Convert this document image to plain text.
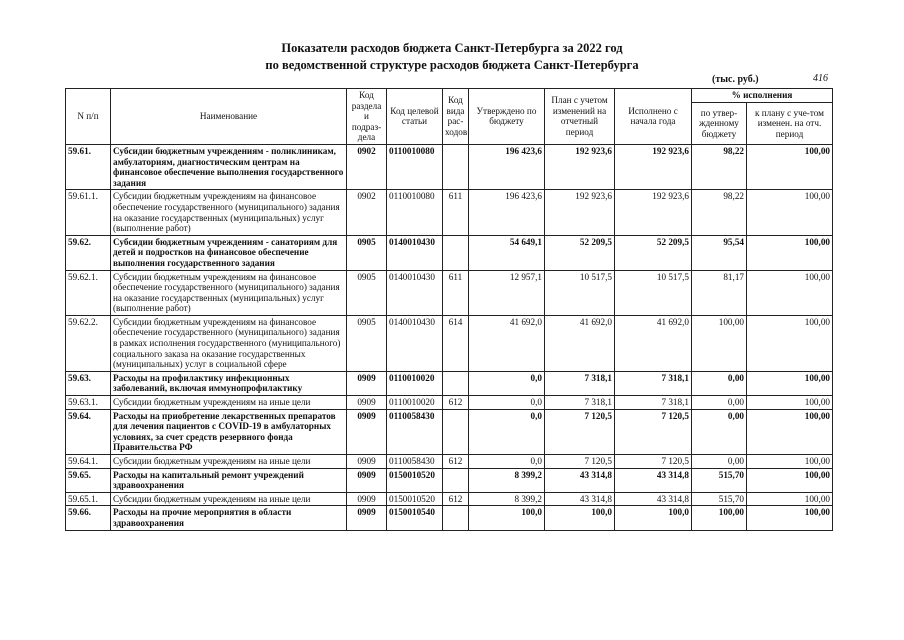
Показатели расходов бюджета Санкт-Петербурга за 2022 год
по ведомственной структуре расходов бюджета Санкт-Петербурга
(тыс. руб.)	416
N п/п	Наименование	Код раздела и подраз-дела	Код целевой статьи	Код вида рас-ходов	Утверждено по бюджету	План с учетом изменений на отчетный период	Исполнено с начала года	% исполнения	
								по утвер-жденному бюджету	к плану с уче-том изменен. на отч. период
59.61.	Субсидии бюджетным учреждениям - поликлиникам, амбулаториям, диагностическим центрам на финансовое обеспечение выполнения государственного задания	0902	0110010080		196 423,6	192 923,6	192 923,6	98,22	100,00
59.61.1.	Субсидии бюджетным учреждениям на финансовое обеспечение государственного (муниципального) задания на оказание государственных (муниципальных) услуг (выполнение работ)	0902	0110010080	611	196 423,6	192 923,6	192 923,6	98,22	100,00
59.62.	Субсидии бюджетным учреждениям - санаториям для детей и подростков на финансовое обеспечение выполнения государственного задания	0905	0140010430		54 649,1	52 209,5	52 209,5	95,54	100,00
59.62.1.	Субсидии бюджетным учреждениям на финансовое обеспечение государственного (муниципального) задания на оказание государственных (муниципальных) услуг (выполнение работ)	0905	0140010430	611	12 957,1	10 517,5	10 517,5	81,17	100,00
59.62.2.	Субсидии бюджетным учреждениям на финансовое обеспечение государственного (муниципального) задания в рамках исполнения государственного (муниципального) социального заказа на оказание государственных (муниципальных) услуг в социальной сфере	0905	0140010430	614	41 692,0	41 692,0	41 692,0	100,00	100,00
59.63.	Расходы на профилактику инфекционных заболеваний, включая иммунопрофилактику	0909	0110010020		0,0	7 318,1	7 318,1	0,00	100,00
59.63.1.	Субсидии бюджетным учреждениям на иные цели	0909	0110010020	612	0,0	7 318,1	7 318,1	0,00	100,00
59.64.	Расходы на приобретение лекарственных препаратов для лечения пациентов с COVID-19 в амбулаторных условиях, за счет средств резервного фонда Правительства РФ	0909	0110058430		0,0	7 120,5	7 120,5	0,00	100,00
59.64.1.	Субсидии бюджетным учреждениям на иные цели	0909	0110058430	612	0,0	7 120,5	7 120,5	0,00	100,00
59.65.	Расходы на капитальный ремонт учреждений здравоохранения	0909	0150010520		8 399,2	43 314,8	43 314,8	515,70	100,00
59.65.1.	Субсидии бюджетным учреждениям на иные цели	0909	0150010520	612	8 399,2	43 314,8	43 314,8	515,70	100,00
59.66.	Расходы на прочие мероприятия в области здравоохранения	0909	0150010540		100,0	100,0	100,0	100,00	100,00
